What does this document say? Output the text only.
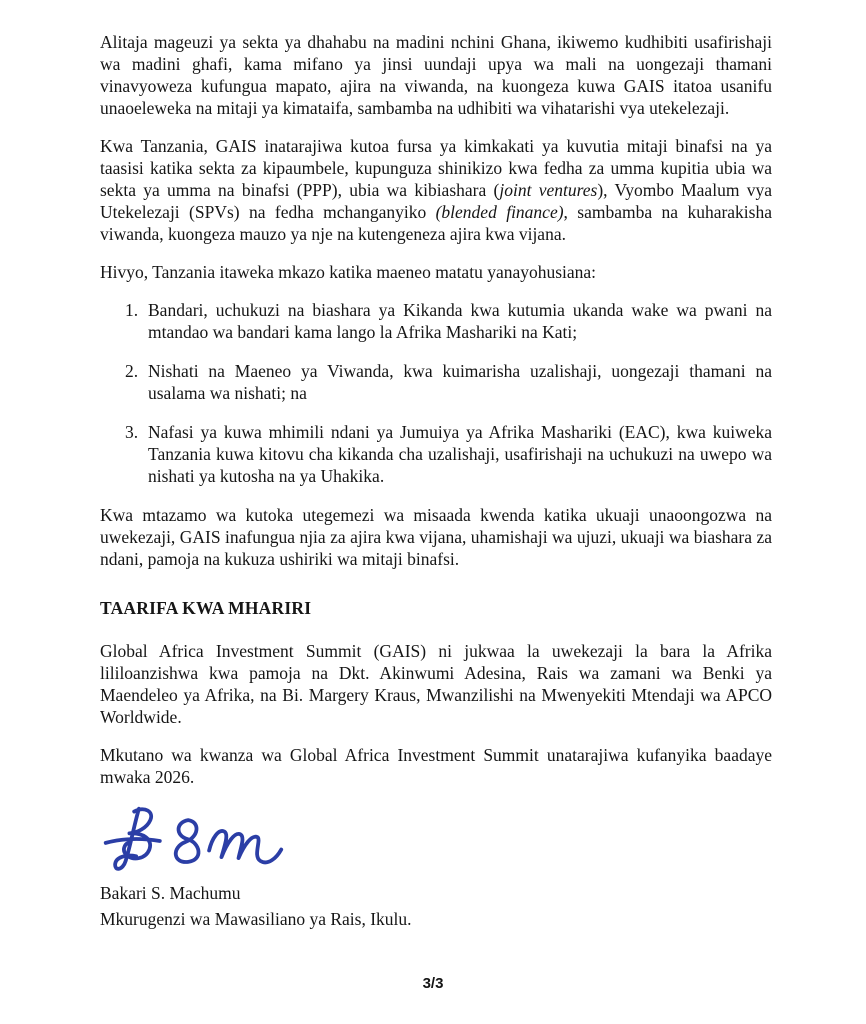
Alitaja mageuzi ya sekta ya dhahabu na madini nchini Ghana, ikiwemo kudhibiti usafirishaji wa madini ghafi, kama mifano ya jinsi uundaji upya wa mali na uongezaji thamani vinavyoweza kufungua mapato, ajira na viwanda, na kuongeza kuwa GAIS itatoa usanifu unaoeleweka na mitaji ya kimataifa, sambamba na udhibiti wa vihatarishi vya utekelezaji.

Kwa Tanzania, GAIS inatarajiwa kutoa fursa ya kimkakati ya kuvutia mitaji binafsi na ya taasisi katika sekta za kipaumbele, kupunguza shinikizo kwa fedha za umma kupitia ubia wa sekta ya umma na binafsi (PPP), ubia wa kibiashara (joint ventures), Vyombo Maalum vya Utekelezaji (SPVs) na fedha mchanganyiko (blended finance), sambamba na kuharakisha viwanda, kuongeza mauzo ya nje na kutengeneza ajira kwa vijana.

Hivyo, Tanzania itaweka mkazo katika maeneo matatu yanayohusiana:

1. Bandari, uchukuzi na biashara ya Kikanda kwa kutumia ukanda wake wa pwani na mtandao wa bandari kama lango la Afrika Mashariki na Kati;
2. Nishati na Maeneo ya Viwanda, kwa kuimarisha uzalishaji, uongezaji thamani na usalama wa nishati; na
3. Nafasi ya kuwa mhimili ndani ya Jumuiya ya Afrika Mashariki (EAC), kwa kuiweka Tanzania kuwa kitovu cha kikanda cha uzalishaji, usafirishaji na uchukuzi na uwepo wa nishati ya kutosha na ya Uhakika.

Kwa mtazamo wa kutoka utegemezi wa misaada kwenda katika ukuaji unaoongozwa na uwekezaji, GAIS inafungua njia za ajira kwa vijana, uhamishaji wa ujuzi, ukuaji wa biashara za ndani, pamoja na kukuza ushiriki wa mitaji binafsi.

TAARIFA KWA MHARIRI

Global Africa Investment Summit (GAIS) ni jukwaa la uwekezaji la bara la Afrika lililoanzishwa kwa pamoja na Dkt. Akinwumi Adesina, Rais wa zamani wa Benki ya Maendeleo ya Afrika, na Bi. Margery Kraus, Mwanzilishi na Mwenyekiti Mtendaji wa APCO Worldwide.

Mkutano wa kwanza wa Global Africa Investment Summit unatarajiwa kufanyika baadaye mwaka 2026.

Bakari S. Machumu

Mkurugenzi wa Mawasiliano ya Rais, Ikulu.

3/3
